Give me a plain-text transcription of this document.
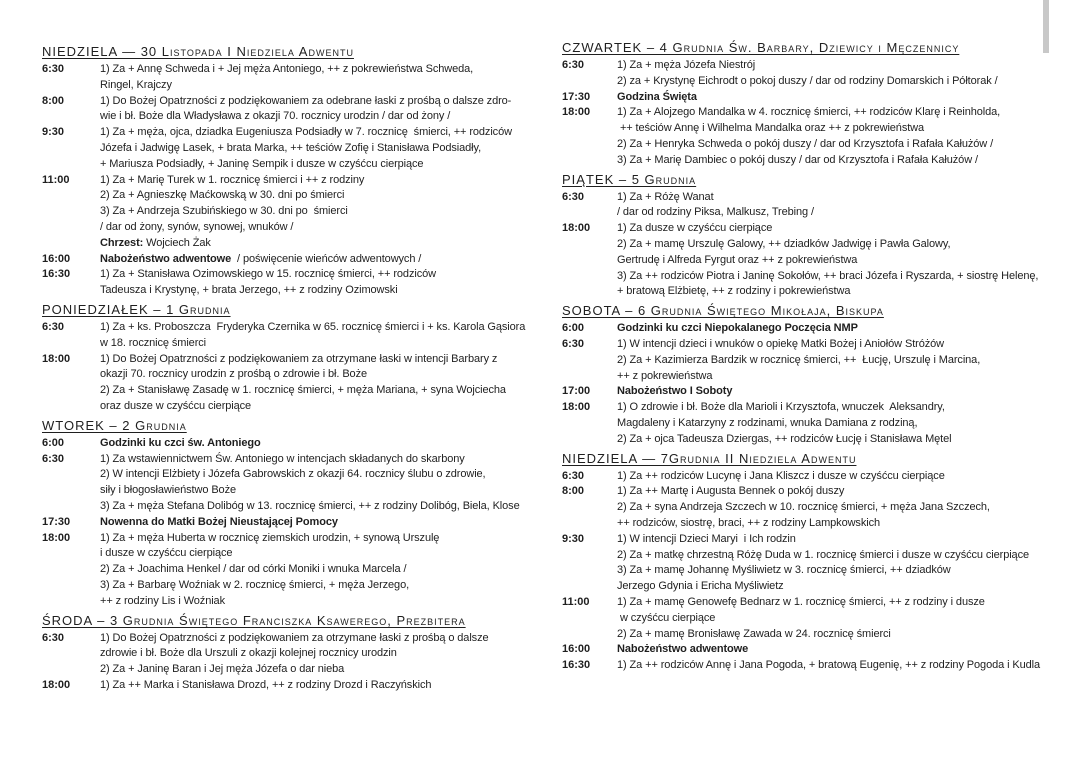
NIEDZIELA — 30 Listopada I Niedziela Adwentu
6:30	1) Za + Annę Schweda i + Jej męża Antoniego, ++ z pokrewieństwa Schweda,
Ringel, Krajczy
8:00	1) Do Bożej Opatrzności z podziękowaniem za odebrane łaski z prośbą o dalsze zdro-
wie i bł. Boże dla Władysława z okazji 70. rocznicy urodzin / dar od żony /
9:30	1) Za + męża, ojca, dziadka Eugeniusza Podsiadły w 7. rocznicę  śmierci, ++ rodziców
Józefa i Jadwigę Lasek, + brata Marka, ++ teściów Zofię i Stanisława Podsiadły,
+ Mariusza Podsiadły, + Janinę Sempik i dusze w czyśćcu cierpiące
11:00	1) Za + Marię Turek w 1. rocznicę śmierci i ++ z rodziny
2) Za + Agnieszkę Maćkowską w 30. dni po śmierci
3) Za + Andrzeja Szubińskiego w 30. dni po  śmierci
/ dar od żony, synów, synowej, wnuków /
Chrzest: Wojciech Żak
16:00	Nabożeństwo adwentowe  / poświęcenie wieńców adwentowych /
16:30	1) Za + Stanisława Ozimowskiego w 15. rocznicę śmierci, ++ rodziców
Tadeusza i Krystynę, + brata Jerzego, ++ z rodziny Ozimowski
PONIEDZIAŁEK – 1 Grudnia
6:30	1) Za + ks. Proboszcza  Fryderyka Czernika w 65. rocznicę śmierci i + ks. Karola Gąsiora
w 18. rocznicę śmierci
18:00	1) Do Bożej Opatrzności z podziękowaniem za otrzymane łaski w intencji Barbary z
okazji 70. rocznicy urodzin z prośbą o zdrowie i bł. Boże
2) Za + Stanisławę Zasadę w 1. rocznicę śmierci, + męża Mariana, + syna Wojciecha
oraz dusze w czyśćcu cierpiące
WTOREK – 2 Grudnia
6:00	Godzinki ku czci św. Antoniego
6:30	1) Za wstawiennictwem Św. Antoniego w intencjach składanych do skarbony
2) W intencji Elżbiety i Józefa Gabrowskich z okazji 64. rocznicy ślubu o zdrowie,
siły i błogosławieństwo Boże
3) Za + męża Stefana Dolibóg w 13. rocznicę śmierci, ++ z rodziny Dolibóg, Biela, Klose
17:30	Nowenna do Matki Bożej Nieustającej Pomocy
18:00	1) Za + męża Huberta w rocznicę ziemskich urodzin, + synową Urszulę
i dusze w czyśćcu cierpiące
2) Za + Joachima Henkel / dar od córki Moniki i wnuka Marcela /
3) Za + Barbarę Woźniak w 2. rocznicę śmierci, + męża Jerzego,
++ z rodziny Lis i Woźniak
ŚRODA – 3 Grudnia Świętego Franciszka Ksawerego, Prezbitera
6:30	1) Do Bożej Opatrzności z podziękowaniem za otrzymane łaski z prośbą o dalsze
zdrowie i bł. Boże dla Urszuli z okazji kolejnej rocznicy urodzin
2) Za + Janinę Baran i Jej męża Józefa o dar nieba
18:00	1) Za ++ Marka i Stanisława Drozd, ++ z rodziny Drozd i Raczyńskich
CZWARTEK – 4 Grudnia Św. Barbary, Dziewicy i Męczennicy
6:30	1) Za + męża Józefa Niestrój
2) za + Krystynę Eichrodt o pokoj duszy / dar od rodziny Domarskich i Półtorak /
17:30	Godzina Święta
18:00	1) Za + Alojzego Mandalka w 4. rocznicę śmierci, ++ rodziców Klarę i Reinholda,
++ teściów Annę i Wilhelma Mandalka oraz ++ z pokrewieństwa
2) Za + Henryka Schweda o pokój duszy / dar od Krzysztofa i Rafała Kałużów /
3) Za + Marię Dambiec o pokój duszy / dar od Krzysztofa i Rafała Kałużów /
PIĄTEK – 5 Grudnia
6:30	1) Za + Różę Wanat
/ dar od rodziny Piksa, Malkusz, Trebing /
18:00	1) Za dusze w czyśćcu cierpiące
2) Za + mamę Urszulę Galowy, ++ dziadków Jadwigę i Pawła Galowy,
Gertrudę i Alfreda Fyrgut oraz ++ z pokrewieństwa
3) Za ++ rodziców Piotra i Janinę Sokołów, ++ braci Józefa i Ryszarda, + siostrę Helenę,
+ bratową Elżbietę, ++ z rodziny i pokrewieństwa
SOBOTA – 6 Grudnia Świętego Mikołaja, Biskupa
6:00	Godzinki ku czci Niepokalanego Poczęcia NMP
6:30	1) W intencji dzieci i wnuków o opiekę Matki Bożej i Aniołów Stróżów
2) Za + Kazimierza Bardzik w rocznicę śmierci, ++  Łucję, Urszulę i Marcina,
++ z pokrewieństwa
17:00	Nabożeństwo I Soboty
18:00	1) O zdrowie i bł. Boże dla Marioli i Krzysztofa, wnuczek  Aleksandry,
Magdaleny i Katarzyny z rodzinami, wnuka Damiana z rodziną,
2) Za + ojca Tadeusza Dziergas, ++ rodziców Łucję i Stanisława Mętel
NIEDZIELA — 7Grudnia II Niedziela Adwentu
6:30	1) Za ++ rodziców Lucynę i Jana Kliszcz i dusze w czyśćcu cierpiące
8:00	1) Za ++ Martę i Augusta Bennek o pokój duszy
2) Za + syna Andrzeja Szczech w 10. rocznicę śmierci, + męża Jana Szczech,
++ rodziców, siostrę, braci, ++ z rodziny Lampkowskich
9:30	1) W intencji Dzieci Maryi  i Ich rodzin
2) Za + matkę chrzestną Różę Duda w 1. rocznicę śmierci i dusze w czyśćcu cierpiące
3) Za + mamę Johannę Myśliwietz w 3. rocznicę śmierci, ++ dziadków
Jerzego Gdynia i Ericha Myśliwietz
11:00	1) Za + mamę Genowefę Bednarz w 1. rocznicę śmierci, ++ z rodziny i dusze
w czyśćcu cierpiące
2) Za + mamę Bronisławę Zawada w 24. rocznicę śmierci
16:00	Nabożeństwo adwentowe
16:30	1) Za ++ rodziców Annę i Jana Pogoda, + bratową Eugenię, ++ z rodziny Pogoda i Kudla
